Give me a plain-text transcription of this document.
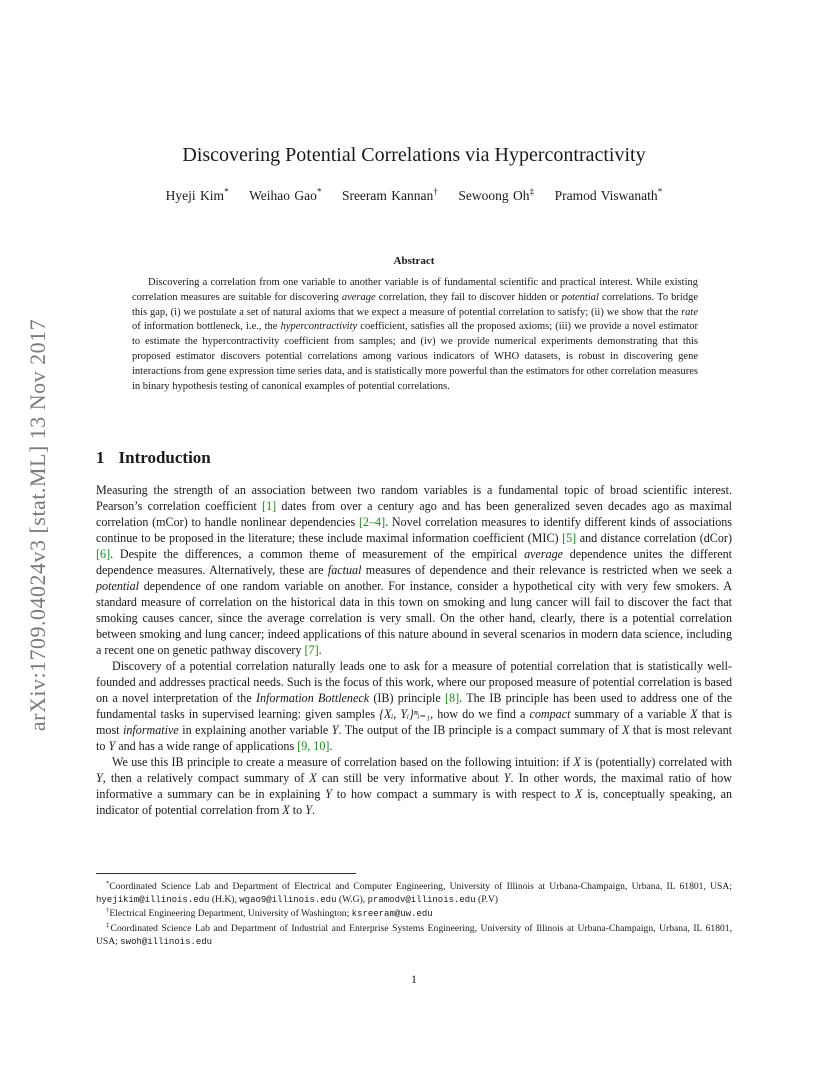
arXiv:1709.04024v3 [stat.ML] 13 Nov 2017
Discovering Potential Correlations via Hypercontractivity
Hyeji Kim* Weihao Gao* Sreeram Kannan† Sewoong Oh‡ Pramod Viswanath*
Abstract

Discovering a correlation from one variable to another variable is of fundamental scientific and practical interest. While existing correlation measures are suitable for discovering average correlation, they fail to discover hidden or potential correlations. To bridge this gap, (i) we postulate a set of natural axioms that we expect a measure of potential correlation to satisfy; (ii) we show that the rate of information bottleneck, i.e., the hypercontractivity coefficient, satisfies all the proposed axioms; (iii) we provide a novel estimator to estimate the hypercontractivity coefficient from samples; and (iv) we provide numerical experiments demonstrating that this proposed estimator discovers potential correlations among various indicators of WHO datasets, is robust in discovering gene interactions from gene expression time series data, and is statistically more powerful than the estimators for other correlation measures in binary hypothesis testing of canonical examples of potential correlations.

1 Introduction

Measuring the strength of an association between two random variables is a fundamental topic of broad scientific interest. Pearson’s correlation coefficient [1] dates from over a century ago and has been generalized seven decades ago as maximal correlation (mCor) to handle nonlinear dependencies [2–4]. Novel correlation measures to identify different kinds of associations continue to be proposed in the literature; these include maximal information coefficient (MIC) [5] and distance correlation (dCor) [6]. Despite the differences, a common theme of measurement of the empirical average dependence unites the different dependence measures. Alternatively, these are factual measures of dependence and their relevance is restricted when we seek a potential dependence of one random variable on another. For instance, consider a hypothetical city with very few smokers. A standard measure of correlation on the historical data in this town on smoking and lung cancer will fail to discover the fact that smoking causes cancer, since the average correlation is very small. On the other hand, clearly, there is a potential correlation between smoking and lung cancer; indeed applications of this nature abound in several scenarios in modern data science, including a recent one on genetic pathway discovery [7].

Discovery of a potential correlation naturally leads one to ask for a measure of potential correlation that is statistically well-founded and addresses practical needs. Such is the focus of this work, where our proposed measure of potential correlation is based on a novel interpretation of the Information Bottleneck (IB) principle [8]. The IB principle has been used to address one of the fundamental tasks in supervised learning: given samples {Xᵢ, Yᵢ}ⁿᵢ₌₁, how do we find a compact summary of a variable X that is most informative in explaining another variable Y. The output of the IB principle is a compact summary of X that is most relevant to Y and has a wide range of applications [9, 10].

We use this IB principle to create a measure of correlation based on the following intuition: if X is (potentially) correlated with Y, then a relatively compact summary of X can still be very informative about Y. In other words, the maximal ratio of how informative a summary can be in explaining Y to how compact a summary is with respect to X is, conceptually speaking, an indicator of potential correlation from X to Y.

*Coordinated Science Lab and Department of Electrical and Computer Engineering, University of Illinois at Urbana-Champaign, Urbana, IL 61801, USA; hyejikim@illinois.edu (H.K), wgao9@illinois.edu (W.G), pramodv@illinois.edu (P.V)

†Electrical Engineering Department, University of Washington; ksreeram@uw.edu

‡Coordinated Science Lab and Department of Industrial and Enterprise Systems Engineering, University of Illinois at Urbana-Champaign, Urbana, IL 61801, USA; swoh@illinois.edu

1
